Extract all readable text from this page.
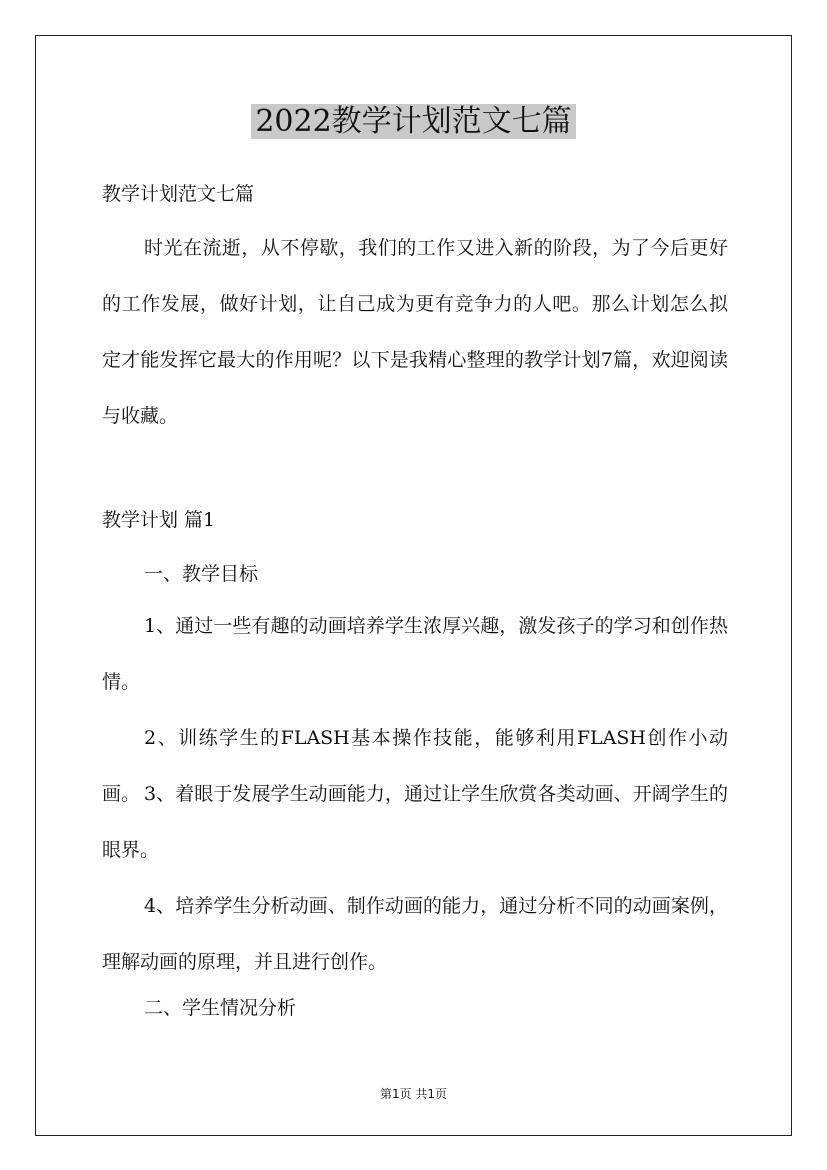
2022教学计划范文七篇
教学计划范文七篇
时光在流逝，从不停歇，我们的工作又进入新的阶段，为了今后更好的工作发展，做好计划，让自己成为更有竞争力的人吧。那么计划怎么拟定才能发挥它最大的作用呢？以下是我精心整理的教学计划7篇，欢迎阅读与收藏。
教学计划 篇1
一、教学目标
1、通过一些有趣的动画培养学生浓厚兴趣，激发孩子的学习和创作热情。
2、训练学生的FLASH基本操作技能，能够利用FLASH创作小动画。 3、着眼于发展学生动画能力，通过让学生欣赏各类动画、开阔学生的眼界。
4、培养学生分析动画、制作动画的能力，通过分析不同的动画案例，理解动画的原理，并且进行创作。
二、学生情况分析
第1页 共1页
